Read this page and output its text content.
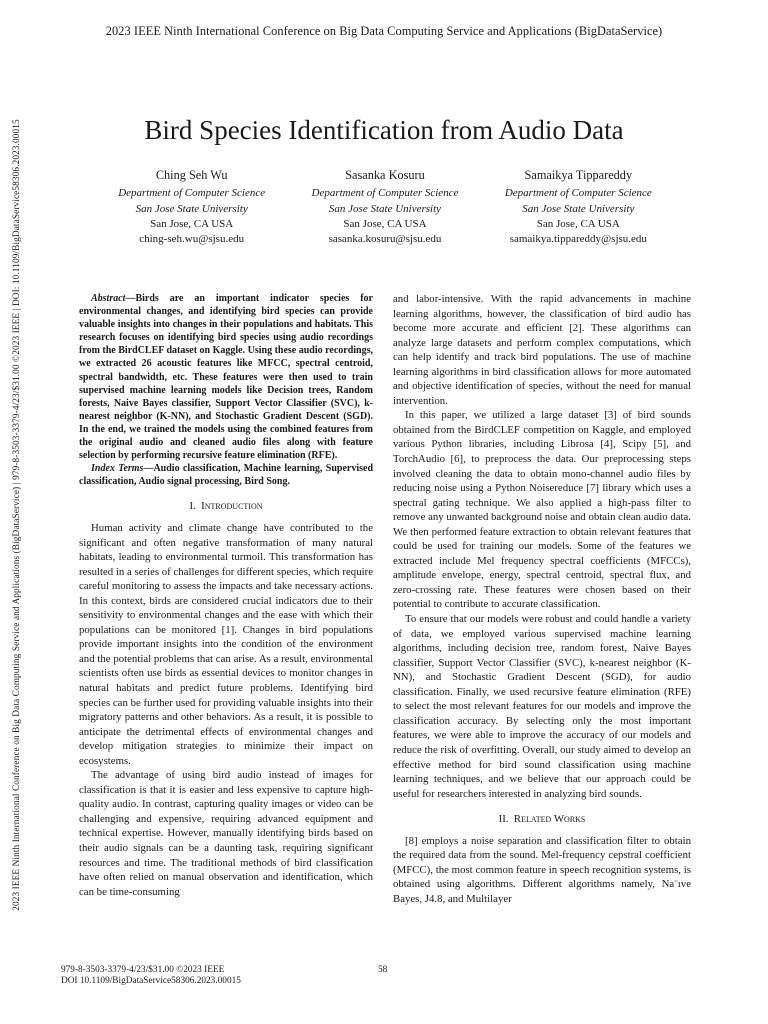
2023 IEEE Ninth International Conference on Big Data Computing Service and Applications (BigDataService)
2023 IEEE Ninth International Conference on Big Data Computing Service and Applications (BigDataService) | 979-8-3503-3379-4/23/$31.00 ©2023 IEEE | DOI: 10.1109/BigDataService58306.2023.00015	Bird Species Identification from Audio Data
Ching Seh Wu
Department of Computer Science
San Jose State University
San Jose, CA USA
ching-seh.wu@sjsu.edu
Sasanka Kosuru
Department of Computer Science
San Jose State University
San Jose, CA USA
sasanka.kosuru@sjsu.edu
Samaikya Tippareddy
Department of Computer Science
San Jose State University
San Jose, CA USA
samaikya.tippareddy@sjsu.edu

Abstract—Birds are an important indicator species for environmental changes, and identifying bird species can provide valuable insights into changes in their populations and habitats. This research focuses on identifying bird species using audio recordings from the BirdCLEF dataset on Kaggle. Using these audio recordings, we extracted 26 acoustic features like MFCC, spectral centroid, spectral bandwidth, etc. These features were then used to train supervised machine learning models like Decision trees, Random forests, Naive Bayes classifier, Support Vector Classifier (SVC), k-nearest neighbor (K-NN), and Stochastic Gradient Descent (SGD). In the end, we trained the models using the combined features from the original audio and cleaned audio files along with feature selection by performing recursive feature elimination (RFE).

Index Terms—Audio classification, Machine learning, Supervised classification, Audio signal processing, Bird Song.

I. Introduction

Human activity and climate change have contributed to the significant and often negative transformation of many natural habitats, leading to environmental turmoil. This transformation has resulted in a series of challenges for different species, which require careful monitoring to assess the impacts and take necessary actions. In this context, birds are considered crucial indicators due to their sensitivity to environmental changes and the ease with which their populations can be monitored [1]. Changes in bird populations provide important insights into the condition of the environment and the potential problems that can arise. As a result, environmental scientists often use birds as essential devices to monitor changes in natural habitats and predict future problems. Identifying bird species can be further used for providing valuable insights into their migratory patterns and other behaviors. As a result, it is possible to anticipate the detrimental effects of environmental changes and develop mitigation strategies to minimize their impact on ecosystems.

The advantage of using bird audio instead of images for classification is that it is easier and less expensive to capture high-quality audio. In contrast, capturing quality images or video can be challenging and expensive, requiring advanced equipment and technical expertise. However, manually identifying birds based on their audio signals can be a daunting task, requiring significant resources and time. The traditional methods of bird classification have often relied on manual observation and identification, which can be time-consuming

and labor-intensive. With the rapid advancements in machine learning algorithms, however, the classification of bird audio has become more accurate and efficient [2]. These algorithms can analyze large datasets and perform complex computations, which can help identify and track bird populations. The use of machine learning algorithms in bird classification allows for more automated and objective identification of species, without the need for manual intervention.

In this paper, we utilized a large dataset [3] of bird sounds obtained from the BirdCLEF competition on Kaggle, and employed various Python libraries, including Librosa [4], Scipy [5], and TorchAudio [6], to preprocess the data. Our preprocessing steps involved cleaning the data to obtain mono-channel audio files by reducing noise using a Python Noisereduce [7] library which uses a spectral gating technique. We also applied a high-pass filter to remove any unwanted background noise and obtain clean audio data. We then performed feature extraction to obtain relevant features that could be used for training our models. Some of the features we extracted include Mel frequency spectral coefficients (MFCCs), amplitude envelope, energy, spectral centroid, spectral flux, and zero-crossing rate. These features were chosen based on their potential to contribute to accurate classification.

To ensure that our models were robust and could handle a variety of data, we employed various supervised machine learning algorithms, including decision tree, random forest, Naive Bayes classifier, Support Vector Classifier (SVC), k-nearest neighbor (K-NN), and Stochastic Gradient Descent (SGD), for audio classification. Finally, we used recursive feature elimination (RFE) to select the most relevant features for our models and improve the classification accuracy. By selecting only the most important features, we were able to improve the accuracy of our models and reduce the risk of overfitting. Overall, our study aimed to develop an effective method for bird sound classification using machine learning techniques, and we believe that our approach could be useful for researchers interested in analyzing bird sounds.

II. Related Works

[8] employs a noise separation and classification filter to obtain the required data from the sound. Mel-frequency cepstral coefficient (MFCC), the most common feature in speech recognition systems, is obtained using algorithms. Different algorithms namely, Na¨ıve Bayes, J4.8, and Multilayer

979-8-3503-3379-4/23/$31.00 ©2023 IEEE
DOI 10.1109/BigDataService58306.2023.00015
58
